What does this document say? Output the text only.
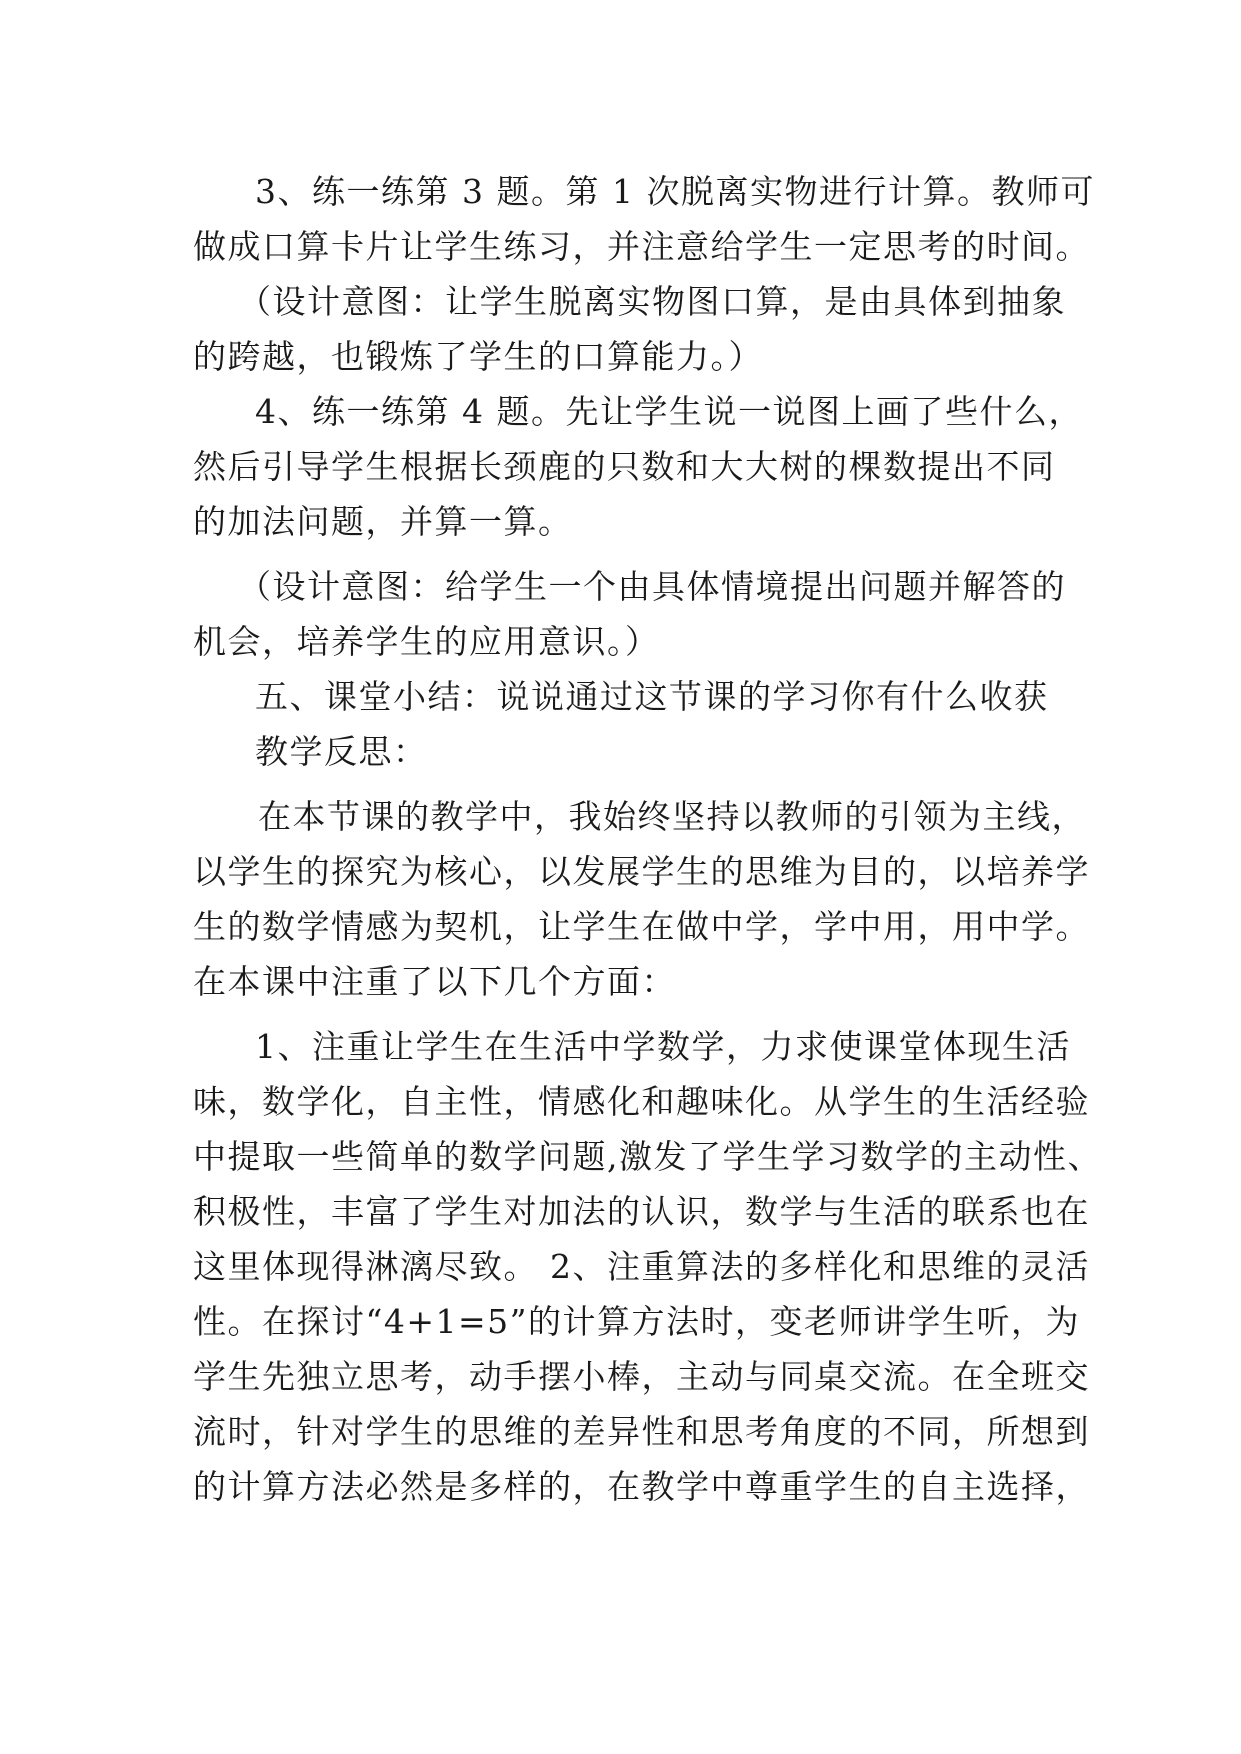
3、练一练第 3 题。第 1 次脱离实物进行计算。教师可
做成口算卡片让学生练习，并注意给学生一定思考的时间。
（设计意图：让学生脱离实物图口算，是由具体到抽象
的跨越，也锻炼了学生的口算能力。）
4、练一练第 4 题。先让学生说一说图上画了些什么，
然后引导学生根据长颈鹿的只数和大大树的棵数提出不同
的加法问题，并算一算。
（设计意图：给学生一个由具体情境提出问题并解答的
机会，培养学生的应用意识。）
五、课堂小结：说说通过这节课的学习你有什么收获
教学反思：
在本节课的教学中，我始终坚持以教师的引领为主线，
以学生的探究为核心，以发展学生的思维为目的，以培养学
生的数学情感为契机，让学生在做中学，学中用，用中学。
在本课中注重了以下几个方面：
1、注重让学生在生活中学数学，力求使课堂体现生活
味，数学化，自主性，情感化和趣味化。从学生的生活经验
中提取一些简单的数学问题,激发了学生学习数学的主动性、
积极性，丰富了学生对加法的认识，数学与生活的联系也在
这里体现得淋漓尽致。 2、注重算法的多样化和思维的灵活
性。在探讨“4+1=5”的计算方法时，变老师讲学生听，为
学生先独立思考，动手摆小棒，主动与同桌交流。在全班交
流时，针对学生的思维的差异性和思考角度的不同，所想到
的计算方法必然是多样的，在教学中尊重学生的自主选择，
